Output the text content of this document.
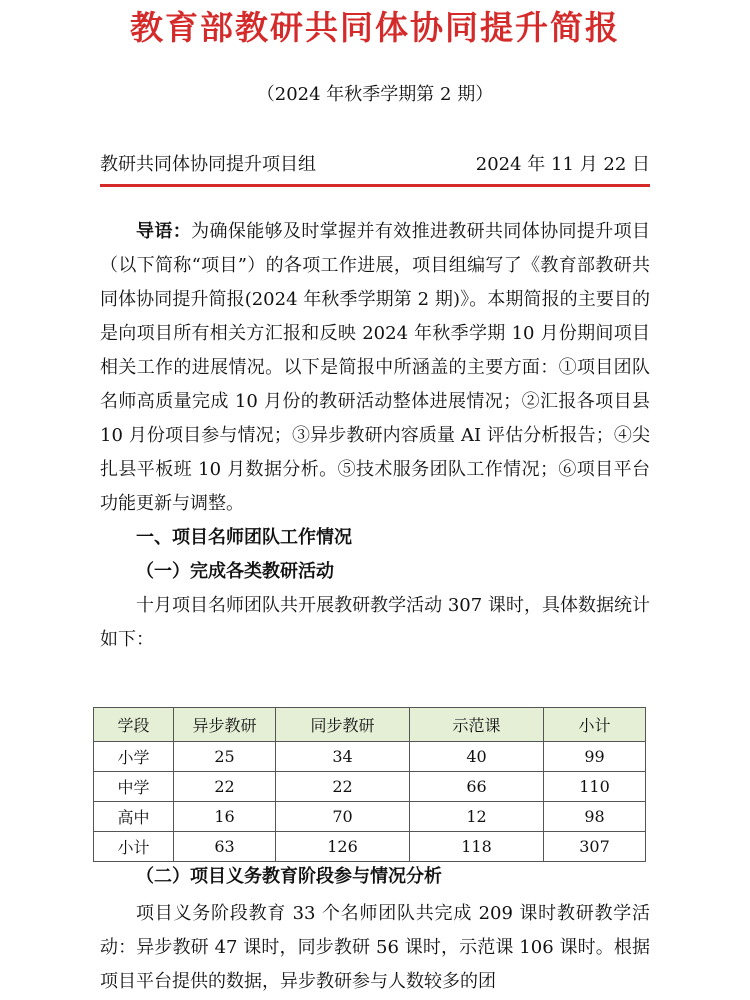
教育部教研共同体协同提升简报
（2024 年秋季学期第 2 期）
教研共同体协同提升项目组	2024 年 11 月 22 日

导语：为确保能够及时掌握并有效推进教研共同体协同提升项目（以下简称“项目”）的各项工作进展，项目组编写了《教育部教研共同体协同提升简报(2024 年秋季学期第 2 期)》。本期简报的主要目的是向项目所有相关方汇报和反映 2024 年秋季学期 10 月份期间项目相关工作的进展情况。以下是简报中所涵盖的主要方面：①项目团队名师高质量完成 10 月份的教研活动整体进展情况；②汇报各项目县 10 月份项目参与情况；③异步教研内容质量 AI 评估分析报告；④尖扎县平板班 10 月数据分析。⑤技术服务团队工作情况；⑥项目平台功能更新与调整。

一、项目名师团队工作情况

（一）完成各类教研活动

十月项目名师团队共开展教研教学活动 307 课时，具体数据统计如下：

学段	异步教研	同步教研	示范课	小计
小学	25	34	40	99
中学	22	22	66	110
高中	16	70	12	98
小计	63	126	118	307
（二）项目义务教育阶段参与情况分析
项目义务阶段教育 33 个名师团队共完成 209 课时教研教学活动：异步教研 47 课时，同步教研 56 课时，示范课 106 课时。根据项目平台提供的数据，异步教研参与人数较多的团
